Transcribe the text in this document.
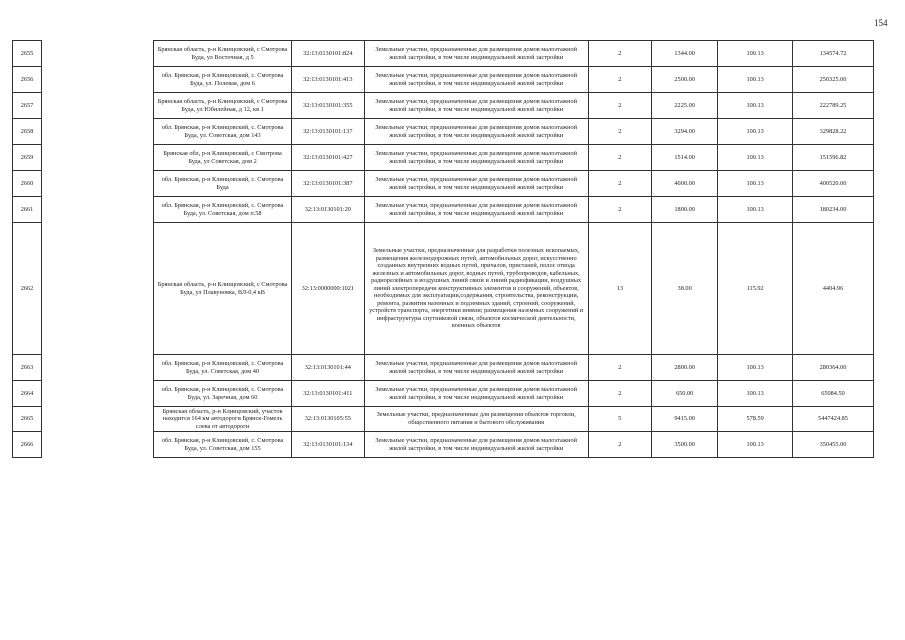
154
2655		Брянская область, р-н Клинцовский, с Смотрова Буда, ул Восточная, д 5	32:13:0130101:824	Земельные участки, предназначенные для размещения домов малоэтажной жилой застройки, в том числе индивидуальной жилой застройки	2	1344.00	100.13	134574.72
2656		обл. Брянская, р-н Клинцовский, с. Смотрова Буда, ул. Полевая, дом 6	32:13:0130101:413	Земельные участки, предназначенные для размещения домов малоэтажной жилой застройки, в том числе индивидуальной жилой застройки	2	2500.00	100.13	250325.00
2657		Брянская область, р-н Клинцовский, с Смотрова Буда, ул Юбилейная, д 12, кв 1	32:13:0130101:355	Земельные участки, предназначенные для размещения домов малоэтажной жилой застройки, в том числе индивидуальной жилой застройки	2	2225.00	100.13	222789.25
2658		обл. Брянская, р-н Клинцовский, с. Смотрова Буда, ул. Советская, дом 143	32:13:0130101:137	Земельные участки, предназначенные для размещения домов малоэтажной жилой застройки, в том числе индивидуальной жилой застройки	2	3294.00	100.13	329828.22
2659		Брянская обл, р-н Клинцовский, с Смотрова Буда, ул Советская, дом 2	32:13:0130101:427	Земельные участки, предназначенные для размещения домов малоэтажной жилой застройки, в том числе индивидуальной жилой застройки	2	1514.00	100.13	151596.82
2660		обл. Брянская, р-н Клинцовский, с. Смотрова Буда	32:13:0130101:387	Земельные участки, предназначенные для размещения домов малоэтажной жилой застройки, в том числе индивидуальной жилой застройки	2	4000.00	100.13	400520.00
2661		обл. Брянская, р-н Клинцовский, с. Смотрова Буда, ул. Советская, дом п.58	32:13:0130101:20	Земельные участки, предназначенные для размещения домов малоэтажной жилой застройки, в том числе индивидуальной жилой застройки	2	1800.00	100.13	180234.00
2662		Брянская область, р-н Клинцовский, с Смотрова Буда, ул Плавуновка, ВЛ-0,4 кВ	32:13:0000000:1021	Земельные участки, предназначенные для разработки полезных ископаемых, размещения железнодорожных путей, автомобильных дорог, искусственно созданных внутренних водных путей, причалов, пристаней, полос отвода железных и автомобильных дорог, водных путей, трубопроводов, кабельных, радиорелейных и воздушных линий связи и линий радиофикации, воздушных линий электропередачи конструктивных элементов и сооружений, объектов, необходимых для эксплуатации,содержания, строительства, реконструкции, ремонта, развития наземных и подземных зданий, строений, сооружений, устройств транспорта, энергетики инвязи; размещения наземных сооружений и инфраструктуры спутниковой связи, объектов космической деятельности, военных объектов	13	38.00	115.92	4404.96
2663		обл. Брянская, р-н Клинцовский, с. Смотрова Буда, ул. Советская, дом 40	32:13:0130101:44	Земельные участки, предназначенные для размещения домов малоэтажной жилой застройки, в том числе индивидуальной жилой застройки	2	2800.00	100.13	280364.00
2664		обл. Брянская, р-н Клинцовский, с. Смотрова Буда, ул. Заречная, дом 60	32:13:0130101:411	Земельные участки, предназначенные для размещения домов малоэтажной жилой застройки, в том числе индивидуальной жилой застройки	2	650.00	100.13	65084.50
2665		Брянская область, р-н Клинцовский, участок находится 164 км автодороги Брянск-Гомель слева от автодороги	32:13:0130105:55	Земельные участки, предназначенные для размещения объектов торговли, общественного питания и бытового обслуживания	5	9415.00	578.59	5447424.85
2666		обл. Брянская, р-н Клинцовский, с. Смотрова Буда, ул. Советская, дом 155	32:13:0130101:134	Земельные участки, предназначенные для размещения домов малоэтажной жилой застройки, в том числе индивидуальной жилой застройки	2	3500.00	100.13	350455.00
